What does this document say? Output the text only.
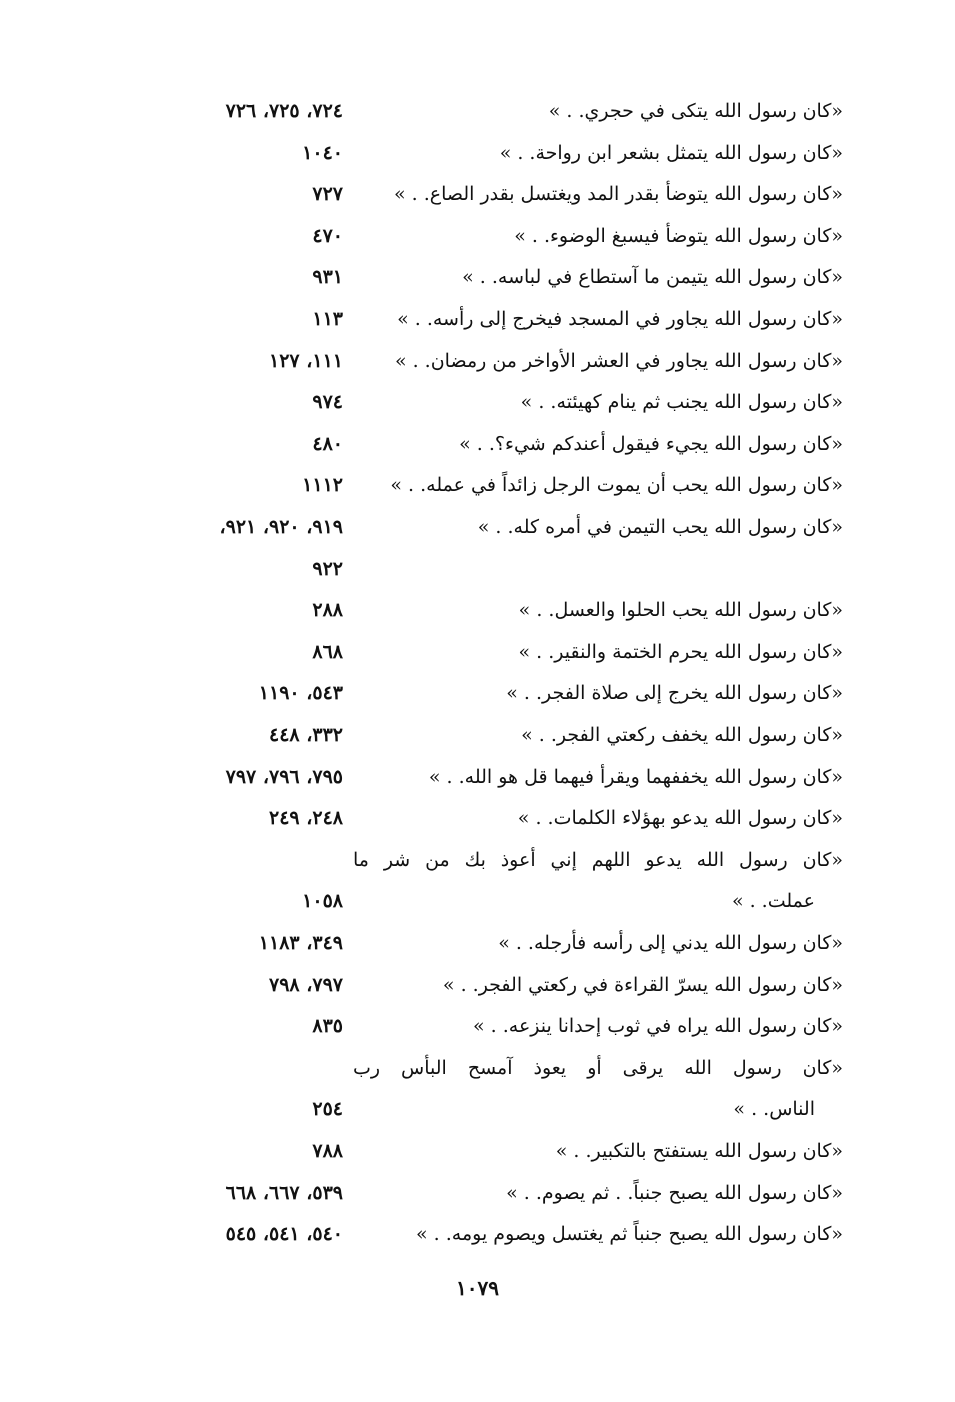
«كان رسول الله يتكى في حجري. . »
٧٢٤، ٧٢٥، ٧٢٦
«كان رسول الله يتمثل بشعر ابن رواحة. . »
١٠٤٠
«كان رسول الله يتوضأ بقدر المد ويغتسل بقدر الصاع. . »
٧٢٧
«كان رسول الله يتوضأ فيسبغ الوضوء. . »
٤٧٠
«كان رسول الله يتيمن ما آستطاع في لباسه. . »
٩٣١
«كان رسول الله يجاور في المسجد فيخرج إلى رأسه. . »
١١٣
«كان رسول الله يجاور في العشر الأواخر من رمضان. . »
١١١، ١٢٧
«كان رسول الله يجنب ثم ينام كهيئته. . »
٩٧٤
«كان رسول الله يجيء فيقول أعندكم شيء؟. . »
٤٨٠
«كان رسول الله يحب أن يموت الرجل زائداً في عمله. . »
١١١٢
«كان رسول الله يحب التيمن في أمره كله. . »
٩١٩، ٩٢٠، ٩٢١،
٩٢٢
«كان رسول الله يحب الحلوا والعسل. . »
٢٨٨
«كان رسول الله يحرم الختمة والنقير. . »
٨٦٨
«كان رسول الله يخرج إلى صلاة الفجر. . »
٥٤٣، ١١٩٠
«كان رسول الله يخفف ركعتي الفجر. . »
٣٣٢، ٤٤٨
«كان رسول الله يخففهما ويقرأ فيهما قل هو الله. . »
٧٩٥، ٧٩٦، ٧٩٧
«كان رسول الله يدعو بهؤلاء الكلمات. . »
٢٤٨، ٢٤٩
«كان رسول الله يدعو اللهم إني أعوذ بك من شر ما
عملت. . »
١٠٥٨
«كان رسول الله يدني إلى رأسه فأرجله. . »
٣٤٩، ١١٨٣
«كان رسول الله يسرّ القراءة في ركعتي الفجر. . »
٧٩٧، ٧٩٨
«كان رسول الله يراه في ثوب إحدانا ينزعه. . »
٨٣٥
«كان رسول الله يرقى أو يعوذ آمسح البأس رب
الناس. . »
٢٥٤
«كان رسول الله يستفتح بالتكبير. . »
٧٨٨
«كان رسول الله يصبح جنباً. . ثم يصوم. . »
٥٣٩، ٦٦٧، ٦٦٨
«كان رسول الله يصبح جنباً ثم يغتسل ويصوم يومه. . »
٥٤٠، ٥٤١، ٥٤٥
١٠٧٩
